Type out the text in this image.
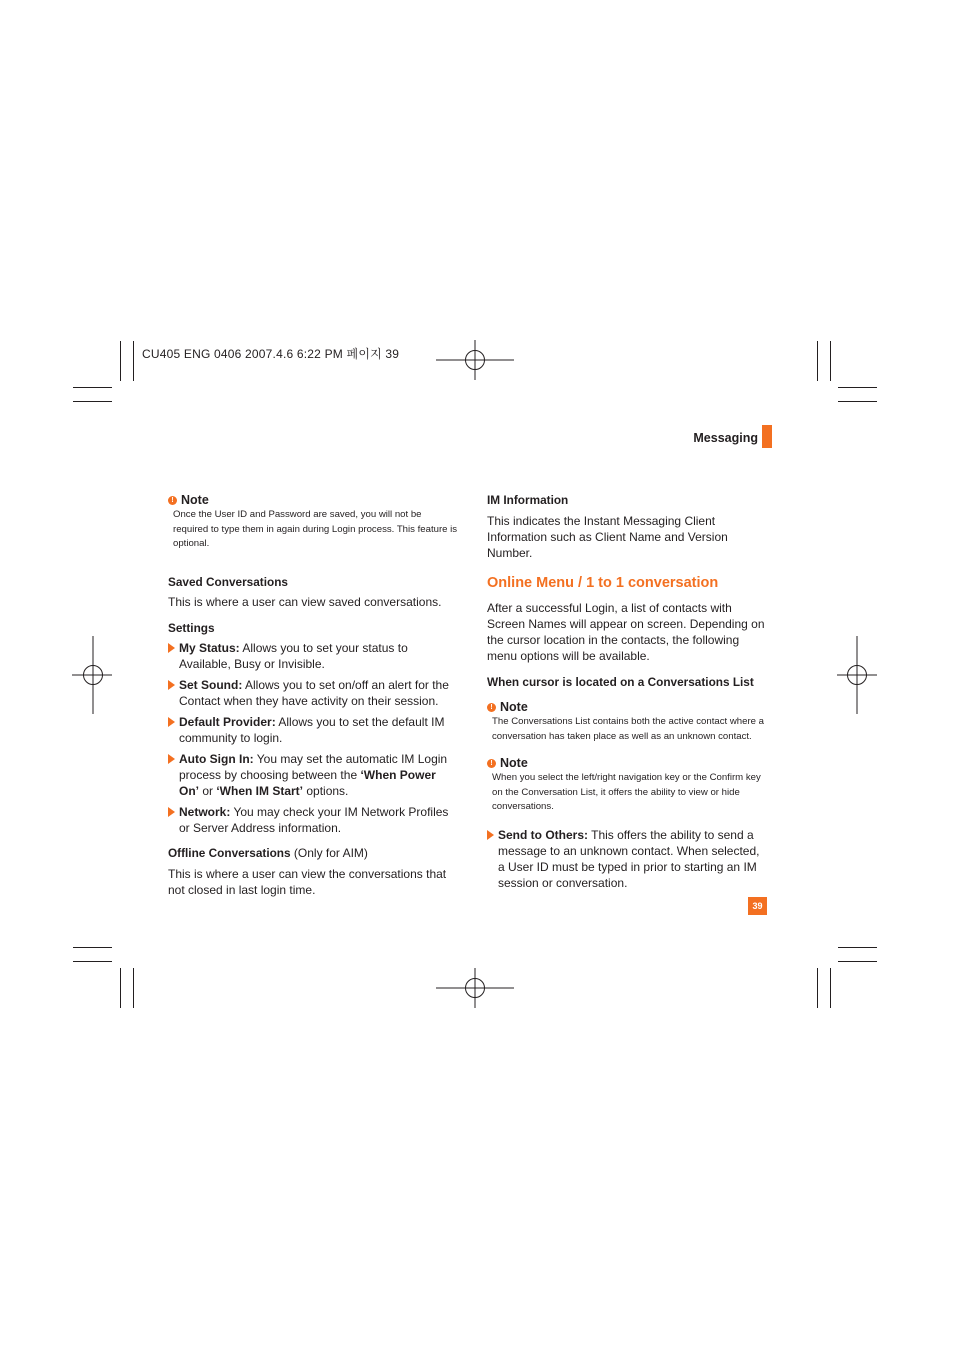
CU405 ENG 0406 2007.4.6 6:22 PM 페이지 39
Messaging
! Note

Once the User ID and Password are saved, you will not be required to type them in again during Login process. This feature is optional.

Saved Conversations

This is where a user can view saved conversations.

Settings

My Status: Allows you to set your status to Available, Busy or Invisible.
Set Sound: Allows you to set on/off an alert for the Contact when they have activity on their session.
Default Provider: Allows you to set the default IM community to login.
Auto Sign In: You may set the automatic IM Login process by choosing between the ‘When Power On’ or ‘When IM Start’ options.
Network: You may check your IM Network Profiles or Server Address information.

Offline Conversations (Only for AIM)

This is where a user can view the conversations that not closed in last login time.

IM Information

This indicates the Instant Messaging Client Information such as Client Name and Version Number.

Online Menu / 1 to 1 conversation

After a successful Login, a list of contacts with Screen Names will appear on screen. Depending on the cursor location in the contacts, the following menu options will be available.

When cursor is located on a Conversations List

! Note

The Conversations List contains both the active contact where a conversation has taken place as well as an unknown contact.

! Note

When you select the left/right navigation key or the Confirm key on the Conversation List, it offers the ability to view or hide conversations.

Send to Others: This offers the ability to send a message to an unknown contact. When selected, a User ID must be typed in prior to starting an IM session or conversation.
39
